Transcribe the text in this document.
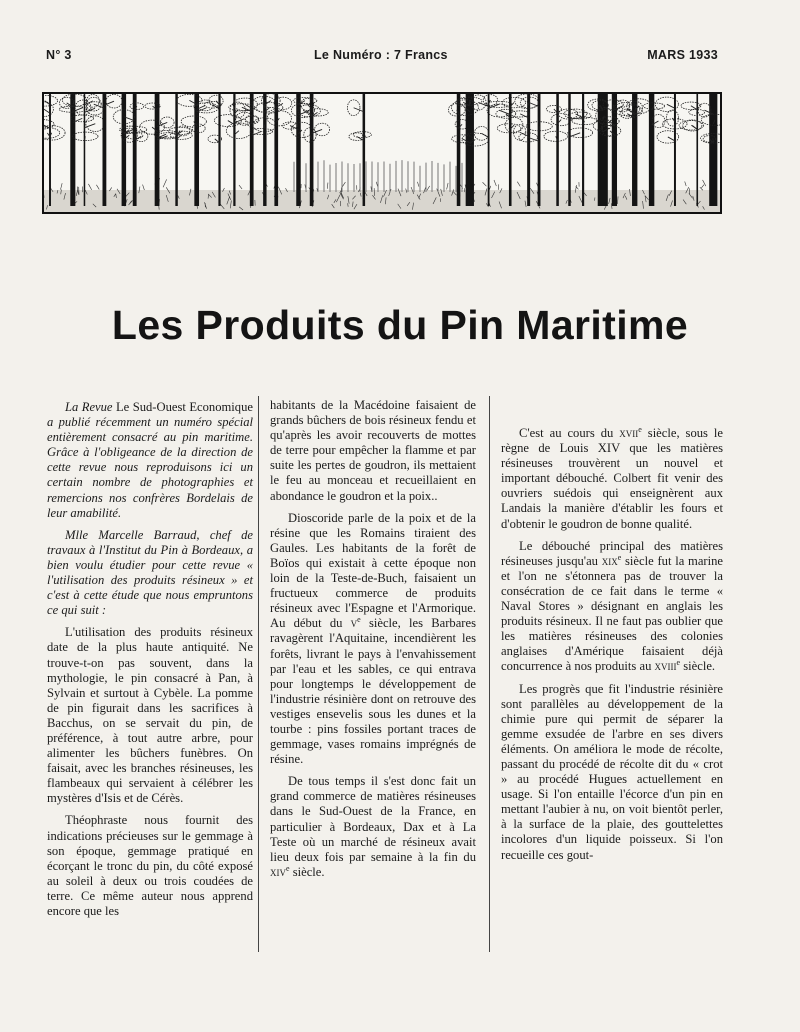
N° 3	Le Numéro : 7 Francs	MARS 1933
Les Produits du Pin Maritime

La Revue Le Sud-Ouest Economique a publié récemment un numéro spécial entièrement consacré au pin maritime. Grâce à l'obligeance de la direction de cette revue nous reproduisons ici un certain nombre de photographies et remercions nos confrères Bordelais de leur amabilité.

Mlle Marcelle Barraud, chef de travaux à l'Institut du Pin à Bordeaux, a bien voulu étudier pour cette revue « l'utilisation des produits résineux » et c'est à cette étude que nous empruntons ce qui suit :

L'utilisation des produits résineux date de la plus haute antiquité. Ne trouve-t-on pas souvent, dans la mythologie, le pin consacré à Pan, à Sylvain et surtout à Cybèle. La pomme de pin figurait dans les sacrifices à Bacchus, on se servait du pin, de préférence, à tout autre arbre, pour alimenter les bûchers funèbres. On faisait, avec les branches résineuses, les flambeaux qui servaient à célébrer les mystères d'Isis et de Cérès.

Théophraste nous fournit des indications précieuses sur le gemmage à son époque, gemmage pratiqué en écorçant le tronc du pin, du côté exposé au soleil à deux ou trois coudées de terre. Ce même auteur nous apprend encore que les

habitants de la Macédoine faisaient de grands bûchers de bois résineux fendu et qu'après les avoir recouverts de mottes de terre pour empêcher la flamme et par suite les pertes de goudron, ils mettaient le feu au monceau et recueillaient en abondance le goudron et la poix..

Dioscoride parle de la poix et de la résine que les Romains tiraient des Gaules. Les habitants de la forêt de Boïos qui existait à cette époque non loin de la Teste-de-Buch, faisaient un fructueux commerce de produits résineux avec l'Espagne et l'Armorique. Au début du $v^e$ siècle, les Barbares ravagèrent l'Aquitaine, incendièrent les forêts, livrant le pays à l'envahissement par l'eau et les sables, ce qui entrava pour longtemps le développement de l'industrie résinière dont on retrouve des vestiges ensevelis sous les dunes et la tourbe : pins fossiles portant traces de gemmage, vases romains imprégnés de résine.

De tous temps il s'est donc fait un grand commerce de matières résineuses dans le Sud-Ouest de la France, en particulier à Bordeaux, Dax et à La Teste où un marché de résineux avait lieu deux fois par semaine à la fin du xiv$^e$ siècle.

C'est au cours du xvii$^e$ siècle, sous le règne de Louis XIV que les matières résineuses trouvèrent un nouvel et important débouché. Colbert fit venir des ouvriers suédois qui enseignèrent aux Landais la manière d'établir les fours et d'obtenir le goudron de bonne qualité.

Le débouché principal des matières résineuses jusqu'au xix$^e$ siècle fut la marine et l'on ne s'étonnera pas de trouver la consécration de ce fait dans le terme « Naval Stores » désignant en anglais les produits résineux. Il ne faut pas oublier que les matières résineuses des colonies anglaises d'Amérique faisaient déjà concurrence à nos produits au xviii$^e$ siècle.

Les progrès que fit l'industrie résinière sont parallèles au développement de la chimie pure qui permit de séparer la gemme exsudée de l'arbre en ses divers éléments. On améliora le mode de récolte, passant du procédé de récolte dit du « crot » au procédé Hugues actuellement en usage. Si l'on entaille l'écorce d'un pin en mettant l'aubier à nu, on voit bientôt perler, à la surface de la plaie, des gouttelettes incolores d'un liquide poisseux. Si l'on recueille ces gout-
